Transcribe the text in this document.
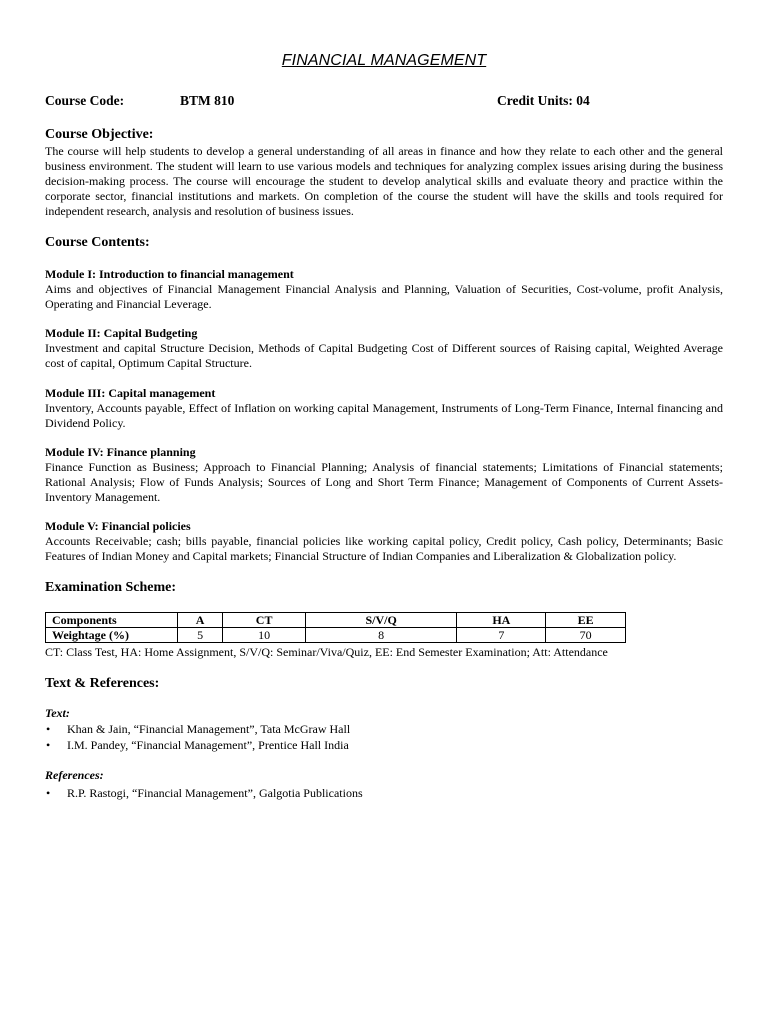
FINANCIAL MANAGEMENT
Course Code:	BTM 810	Credit Units: 04
Course Objective:
The course will help students to develop a general understanding of all areas in finance and how they relate to each other and the general business environment. The student will learn to use various models and techniques for analyzing complex issues arising during the business decision-making process. The course will encourage the student to develop analytical skills and evaluate theory and practice within the corporate sector, financial institutions and markets. On completion of the course the student will have the skills and tools required for independent research, analysis and resolution of business issues.
Course Contents:
Module I: Introduction to financial management
Aims and objectives of Financial Management Financial Analysis and Planning, Valuation of Securities, Cost-volume, profit Analysis, Operating and Financial Leverage.
Module II: Capital Budgeting
Investment and capital Structure Decision, Methods of Capital Budgeting Cost of Different sources of Raising capital, Weighted Average cost of capital, Optimum Capital Structure.
Module III: Capital management
Inventory, Accounts payable, Effect of Inflation on working capital Management, Instruments of Long-Term Finance, Internal financing and Dividend Policy.
Module IV: Finance planning
Finance Function as Business; Approach to Financial Planning; Analysis of financial statements; Limitations of Financial statements; Rational Analysis; Flow of Funds Analysis; Sources of Long and Short Term Finance; Management of Components of Current Assets-Inventory Management.
Module V: Financial policies
Accounts Receivable; cash; bills payable, financial policies like working capital policy, Credit policy, Cash policy, Determinants; Basic Features of Indian Money and Capital markets; Financial Structure of Indian Companies and Liberalization & Globalization policy.
Examination Scheme:
Components	A	CT	S/V/Q	HA	EE
Weightage (%)	5	10	8	7	70
CT: Class Test, HA: Home Assignment, S/V/Q: Seminar/Viva/Quiz, EE: End Semester Examination; Att: Attendance
Text & References:
Text:
• Khan & Jain, “Financial Management”, Tata McGraw Hall
• I.M. Pandey, “Financial Management”, Prentice Hall India
References:
• R.P. Rastogi, “Financial Management”, Galgotia Publications
